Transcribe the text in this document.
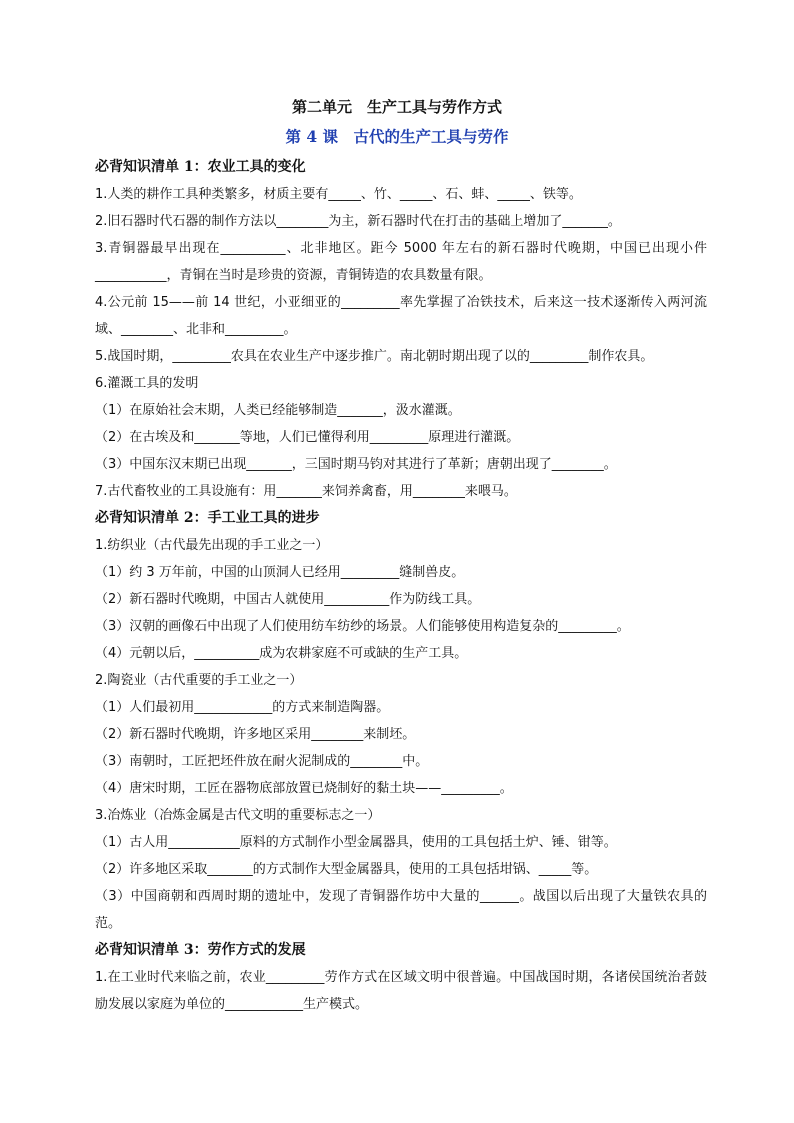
第二单元　生产工具与劳作方式
第 4 课　古代的生产工具与劳作
必背知识清单 1：农业工具的变化
1.人类的耕作工具种类繁多，材质主要有_____、竹、_____、石、蚌、_____、铁等。
2.旧石器时代石器的制作方法以________为主，新石器时代在打击的基础上增加了_______。
3.青铜器最早出现在__________、北非地区。距今 5000 年左右的新石器时代晚期，中国已出现小件___________，青铜在当时是珍贵的资源，青铜铸造的农具数量有限。
4.公元前 15——前 14 世纪，小亚细亚的_________率先掌握了冶铁技术，后来这一技术逐渐传入两河流域、________、北非和_________。
5.战国时期，_________农具在农业生产中逐步推广。南北朝时期出现了以的_________制作农具。
6.灌溉工具的发明
（1）在原始社会末期，人类已经能够制造_______，汲水灌溉。
（2）在古埃及和_______等地，人们已懂得利用_________原理进行灌溉。
（3）中国东汉末期已出现_______，三国时期马钧对其进行了革新；唐朝出现了________。
7.古代畜牧业的工具设施有：用_______来饲养禽畜，用________来喂马。
必背知识清单 2：手工业工具的进步
1.纺织业（古代最先出现的手工业之一）
（1）约 3 万年前，中国的山顶洞人已经用_________缝制兽皮。
（2）新石器时代晚期，中国古人就使用__________作为防线工具。
（3）汉朝的画像石中出现了人们使用纺车纺纱的场景。人们能够使用构造复杂的_________。
（4）元朝以后，__________成为农耕家庭不可或缺的生产工具。
2.陶瓷业（古代重要的手工业之一）
（1）人们最初用____________的方式来制造陶器。
（2）新石器时代晚期，许多地区采用________来制坯。
（3）南朝时，工匠把坯件放在耐火泥制成的________中。
（4）唐宋时期，工匠在器物底部放置已烧制好的黏土块——_________。
3.冶炼业（冶炼金属是古代文明的重要标志之一）
（1）古人用___________原料的方式制作小型金属器具，使用的工具包括土炉、锤、钳等。
（2）许多地区采取_______的方式制作大型金属器具，使用的工具包括坩锅、_____等。
（3）中国商朝和西周时期的遗址中，发现了青铜器作坊中大量的______。战国以后出现了大量铁农具的范。
必背知识清单 3：劳作方式的发展
1.在工业时代来临之前，农业_________劳作方式在区域文明中很普遍。中国战国时期，各诸侯国统治者鼓励发展以家庭为单位的____________生产模式。
